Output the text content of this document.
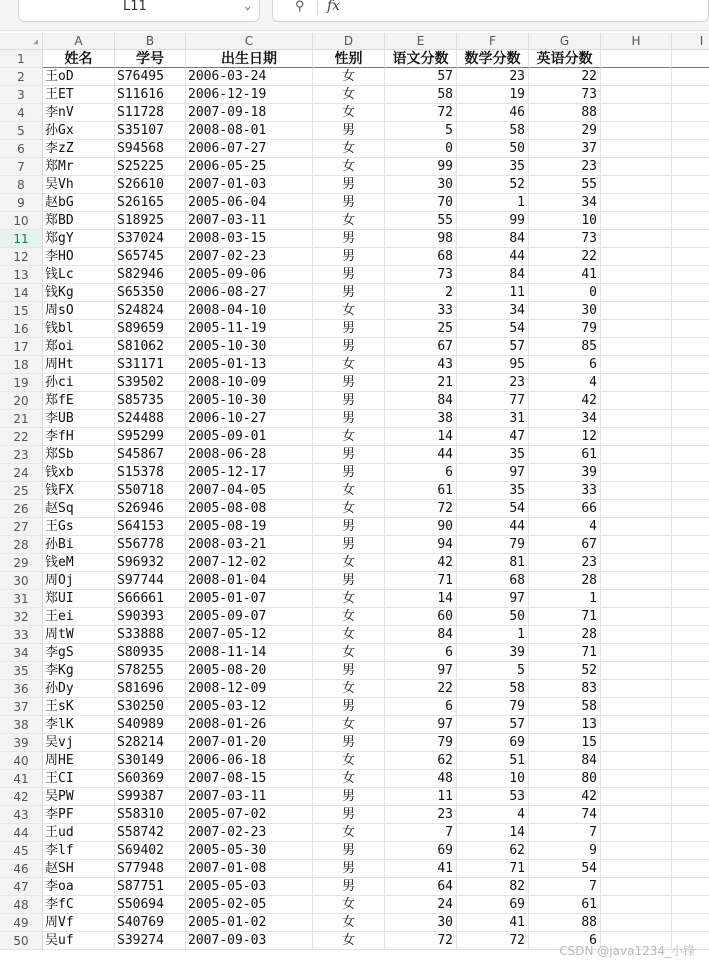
L11	⌄	⚲ fx
◢	A	B	C	D	E	F	G	H	I
1	姓名	学号	出生日期	性别	语文分数	数学分数	英语分数
2	王oD	S76495	2006-03-24	女	57	23	22
3	王ET	S11616	2006-12-19	女	58	19	73
4	李nV	S11728	2007-09-18	女	72	46	88
5	孙Gx	S35107	2008-08-01	男	5	58	29
6	李zZ	S94568	2006-07-27	女	0	50	37
7	郑Mr	S25225	2006-05-25	女	99	35	23
8	吴Vh	S26610	2007-01-03	男	30	52	55
9	赵bG	S26165	2005-06-04	男	70	1	34
10	郑BD	S18925	2007-03-11	女	55	99	10
11	郑gY	S37024	2008-03-15	男	98	84	73
12	李HO	S65745	2007-02-23	男	68	44	22
13	钱Lc	S82946	2005-09-06	男	73	84	41
14	钱Kg	S65350	2006-08-27	男	2	11	0
15	周sO	S24824	2008-04-10	女	33	34	30
16	钱bl	S89659	2005-11-19	男	25	54	79
17	郑oi	S81062	2005-10-30	男	67	57	85
18	周Ht	S31171	2005-01-13	女	43	95	6
19	孙ci	S39502	2008-10-09	男	21	23	4
20	郑fE	S85735	2005-10-30	男	84	77	42
21	李UB	S24488	2006-10-27	男	38	31	34
22	李fH	S95299	2005-09-01	女	14	47	12
23	郑Sb	S45867	2008-06-28	男	44	35	61
24	钱xb	S15378	2005-12-17	男	6	97	39
25	钱FX	S50718	2007-04-05	女	61	35	33
26	赵Sq	S26946	2005-08-08	女	72	54	66
27	王Gs	S64153	2005-08-19	男	90	44	4
28	孙Bi	S56778	2008-03-21	男	94	79	67
29	钱eM	S96932	2007-12-02	女	42	81	23
30	周Oj	S97744	2008-01-04	男	71	68	28
31	郑UI	S66661	2005-01-07	女	14	97	1
32	王ei	S90393	2005-09-07	女	60	50	71
33	周tW	S33888	2007-05-12	女	84	1	28
34	李gS	S80935	2008-11-14	女	6	39	71
35	李Kg	S78255	2005-08-20	男	97	5	52
36	孙Dy	S81696	2008-12-09	女	22	58	83
37	王sK	S30250	2005-03-12	男	6	79	58
38	李lK	S40989	2008-01-26	女	97	57	13
39	吴vj	S28214	2007-01-20	男	79	69	15
40	周HE	S30149	2006-06-18	女	62	51	84
41	王CI	S60369	2007-08-15	女	48	10	80
42	吴PW	S99387	2007-03-11	男	11	53	42
43	李PF	S58310	2005-07-02	男	23	4	74
44	王ud	S58742	2007-02-23	女	7	14	7
45	李lf	S69402	2005-05-30	男	69	62	9
46	赵SH	S77948	2007-01-08	男	41	71	54
47	李oa	S87751	2005-05-03	男	64	82	7
48	李fC	S50694	2005-02-05	女	24	69	61
49	周Vf	S40769	2005-01-02	女	30	41	88
50	吴uf	S39274	2007-09-03	女	72	72	6
CSDN @java1234_小锋
